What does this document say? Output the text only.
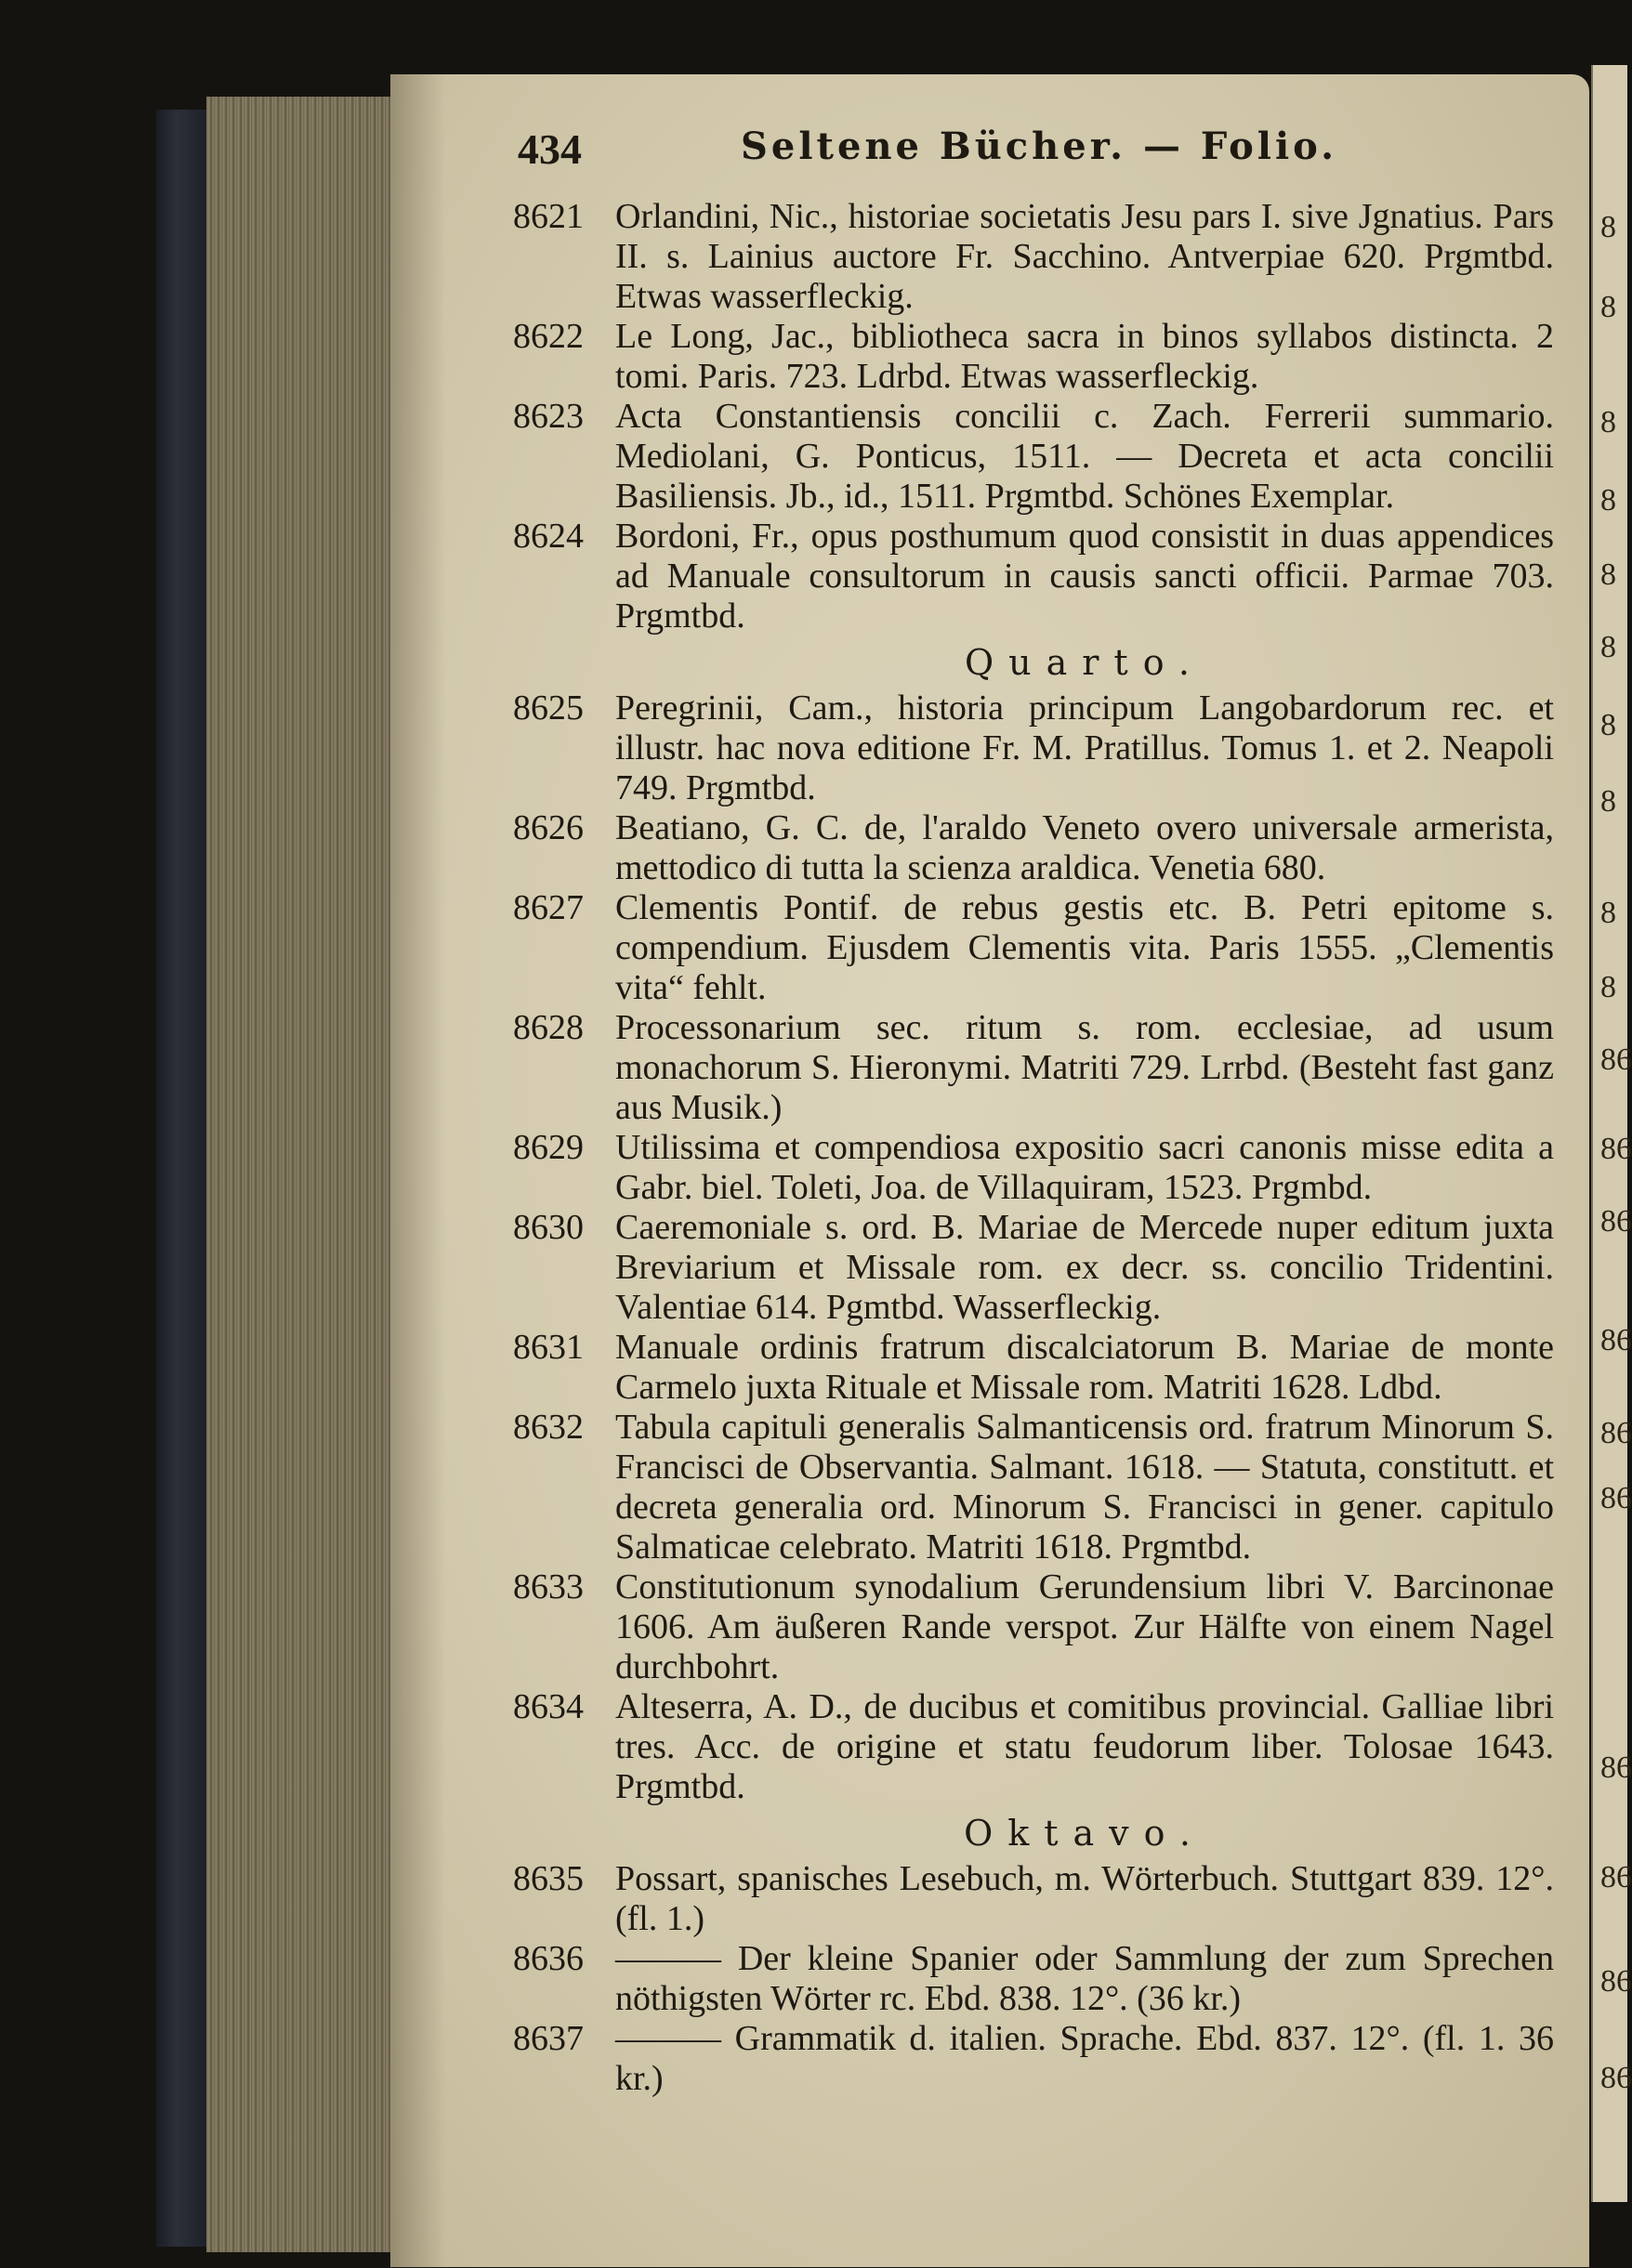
8
8
8
8
8
8
8
8
8
8
86
86
86
86
86
86
86
86
86
86
434	Seltene Bücher. — Folio.
8621 Orlandini, Nic., historiae societatis Jesu pars I. sive Jgnatius. Pars II. s. Lainius auctore Fr. Sacchino. Antverpiae 620. Prgmtbd. Etwas wasserfleckig.
8622 Le Long, Jac., bibliotheca sacra in binos syllabos distincta. 2 tomi. Paris. 723. Ldrbd. Etwas wasserfleckig.
8623 Acta Constantiensis concilii c. Zach. Ferrerii summario. Mediolani, G. Ponticus, 1511. — Decreta et acta concilii Basiliensis. Jb., id., 1511. Prgmtbd. Schönes Exemplar.
8624 Bordoni, Fr., opus posthumum quod consistit in duas appendices ad Manuale consultorum in causis sancti officii. Parmae 703. Prgmtbd.
Quarto.
8625 Peregrinii, Cam., historia principum Langobardorum rec. et illustr. hac nova editione Fr. M. Pratillus. Tomus 1. et 2. Neapoli 749. Prgmtbd.
8626 Beatiano, G. C. de, l'araldo Veneto overo universale armerista, mettodico di tutta la scienza araldica. Venetia 680.
8627 Clementis Pontif. de rebus gestis etc. B. Petri epitome s. compendium. Ejusdem Clementis vita. Paris 1555. „Clementis vita“ fehlt.
8628 Processonarium sec. ritum s. rom. ecclesiae, ad usum monachorum S. Hieronymi. Matriti 729. Lrrbd. (Besteht fast ganz aus Musik.)
8629 Utilissima et compendiosa expositio sacri canonis misse edita a Gabr. biel. Toleti, Joa. de Villaquiram, 1523. Prgmbd.
8630 Caeremoniale s. ord. B. Mariae de Mercede nuper editum juxta Breviarium et Missale rom. ex decr. ss. concilio Tridentini. Valentiae 614. Pgmtbd. Wasserfleckig.
8631 Manuale ordinis fratrum discalciatorum B. Mariae de monte Carmelo juxta Rituale et Missale rom. Matriti 1628. Ldbd.
8632 Tabula capituli generalis Salmanticensis ord. fratrum Minorum S. Francisci de Observantia. Salmant. 1618. — Statuta, constitutt. et decreta generalia ord. Minorum S. Francisci in gener. capitulo Salmaticae celebrato. Matriti 1618. Prgmtbd.
8633 Constitutionum synodalium Gerundensium libri V. Barcinonae 1606. Am äußeren Rande verspot. Zur Hälfte von einem Nagel durchbohrt.
8634 Alteserra, A. D., de ducibus et comitibus provincial. Galliae libri tres. Acc. de origine et statu feudorum liber. Tolosae 1643. Prgmtbd.
Oktavo.
8635 Possart, spanisches Lesebuch, m. Wörterbuch. Stuttgart 839. 12°. (fl. 1.)
8636 ——— Der kleine Spanier oder Sammlung der zum Sprechen nöthigsten Wörter rc. Ebd. 838. 12°. (36 kr.)
8637 ——— Grammatik d. italien. Sprache. Ebd. 837. 12°. (fl. 1. 36 kr.)
